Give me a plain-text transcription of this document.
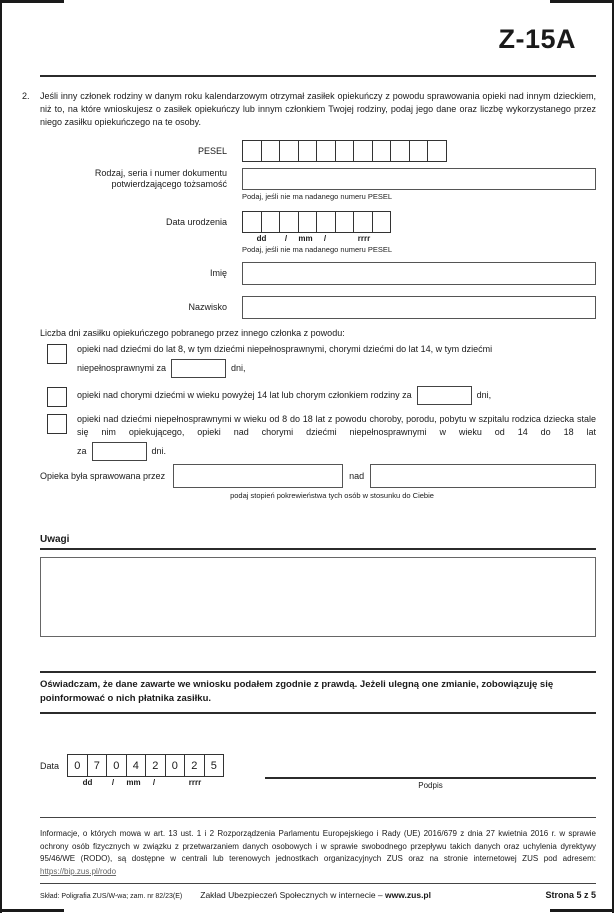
Z-15A
2.	Jeśli inny członek rodziny w danym roku kalendarzowym otrzymał zasiłek opiekuńczy z powodu sprawowania opieki nad innym dzieckiem, niż to, na które wnioskujesz o zasiłek opiekuńczy lub innym członkiem Twojej rodziny, podaj jego dane oraz liczbę wykorzystanego przez niego zasiłku opiekuńczego na te osoby.
PESEL
Rodzaj, seria i numer dokumentu
potwierdzającego tożsamość
Podaj, jeśli nie ma nadanego numeru PESEL
Data urodzenia
dd	/	mm	/	rrrr
Podaj, jeśli nie ma nadanego numeru PESEL
Imię
Nazwisko
Liczba dni zasiłku opiekuńczego pobranego przez innego członka z powodu:
opieki nad dziećmi do lat 8, w tym dziećmi niepełnosprawnymi, chorymi dziećmi do lat 14, w tym dziećmi
niepełnosprawnymi za	dni,
opieki nad chorymi dziećmi w wieku powyżej 14 lat lub chorym członkiem rodziny za	dni,
opieki nad dziećmi niepełnosprawnymi w wieku od 8 do 18 lat z powodu choroby, porodu, pobytu w szpitalu rodzica dziecka stale się nim opiekującego, opieki nad chorymi dziećmi niepełnosprawnymi w wieku od 14 do 18 lat
za	dni.
Opieka była sprawowana przez	nad
podaj stopień pokrewieństwa tych osób w stosunku do Ciebie
Uwagi
Oświadczam, że dane zawarte we wniosku podałem zgodnie z prawdą. Jeżeli ulegną one zmianie, zobowiązuję się poinformować o nich płatnika zasiłku.
Data	0	7	0	4	2	0	2	5
dd	/	mm	/	rrrr	Podpis
Informacje, o których mowa w art. 13 ust. 1 i 2 Rozporządzenia Parlamentu Europejskiego i Rady (UE) 2016/679 z dnia 27 kwietnia 2016 r. w sprawie ochrony osób fizycznych w związku z przetwarzaniem danych osobowych i w sprawie swobodnego przepływu takich danych oraz uchylenia dyrektywy 95/46/WE (RODO), są dostępne w centrali lub terenowych jednostkach organizacyjnych ZUS oraz na stronie internetowej ZUS pod adresem: https://bip.zus.pl/rodo
Skład: Poligrafia ZUS/W-wa; zam. nr 82/23(E) Zakład Ubezpieczeń Społecznych w internecie – www.zus.pl	Strona 5 z 5
